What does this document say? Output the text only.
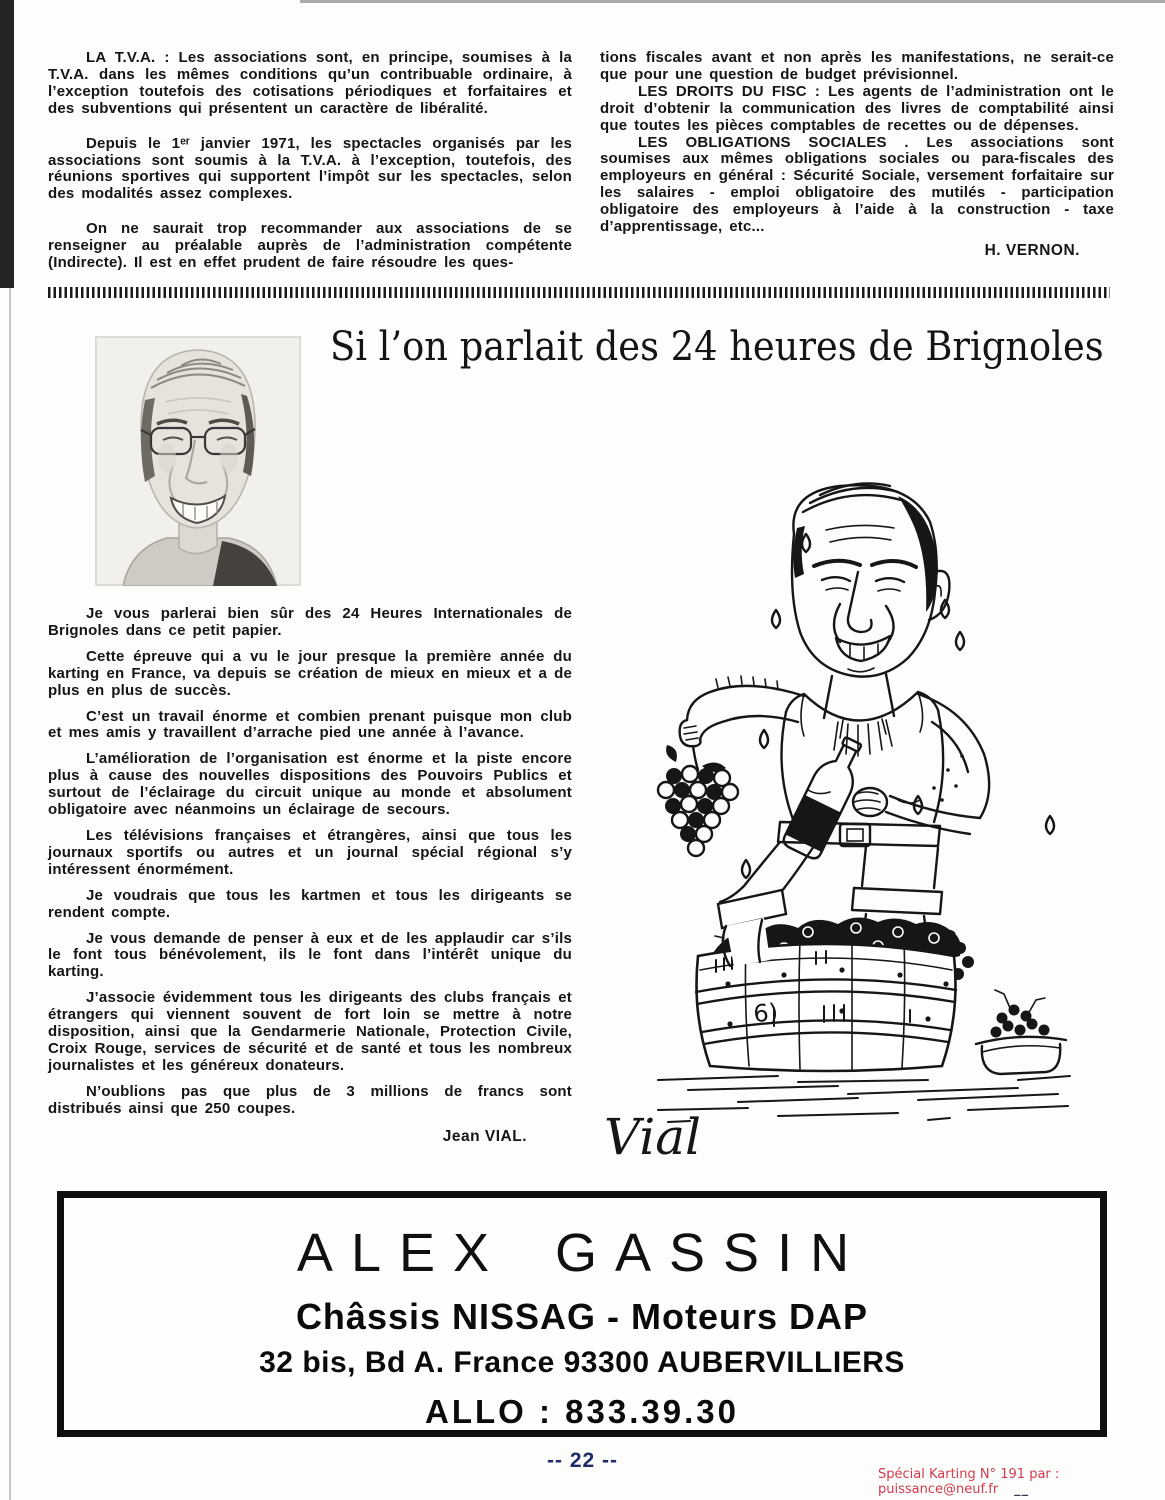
LA T.V.A. : Les associations sont, en principe, soumises à la T.V.A. dans les mêmes conditions qu’un contribuable ordinaire, à l’exception toutefois des cotisations périodiques et forfaitaires et des subventions qui présentent un caractère de libéralité.

Depuis le 1ᵉʳ janvier 1971, les spectacles organisés par les associations sont soumis à la T.V.A. à l’exception, toutefois, des réunions sportives qui supportent l’impôt sur les spectacles, selon des modalités assez complexes.

On ne saurait trop recommander aux associations de se renseigner au préalable auprès de l’administration compétente (Indirecte). Il est en effet prudent de faire résoudre les ques-

tions fiscales avant et non après les manifestations, ne serait-ce que pour une question de budget prévisionnel.

LES DROITS DU FISC : Les agents de l’administration ont le droit d’obtenir la communication des livres de comptabilité ainsi que toutes les pièces comptables de recettes ou de dépenses.

LES OBLIGATIONS SOCIALES . Les associations sont soumises aux mêmes obligations sociales ou para-fiscales des employeurs en général : Sécurité Sociale, versement forfaitaire sur les salaires - emploi obligatoire des mutilés - participation obligatoire des employeurs à l’aide à la construction - taxe d’apprentissage, etc...

H. VERNON.
Si l’on parlait des 24 heures de Brignoles

Je vous parlerai bien sûr des 24 Heures Internationales de Brignoles dans ce petit papier.

Cette épreuve qui a vu le jour presque la première année du karting en France, va depuis se création de mieux en mieux et a de plus en plus de succès.

C’est un travail énorme et combien prenant puisque mon club et mes amis y travaillent d’arrache pied une année à l’avance.

L’amélioration de l’organisation est énorme et la piste encore plus à cause des nouvelles dispositions des Pouvoirs Publics et surtout de l’éclairage du circuit unique au monde et absolument obligatoire avec néanmoins un éclairage de secours.

Les télévisions françaises et étrangères, ainsi que tous les journaux sportifs ou autres et un journal spécial régional s’y intéressent énormément.

Je voudrais que tous les kartmen et tous les dirigeants se rendent compte.

Je vous demande de penser à eux et de les applaudir car s’ils le font tous bénévolement, ils le font dans l’intérêt unique du karting.

J’associe évidemment tous les dirigeants des clubs français et étrangers qui viennent souvent de fort loin se mettre à notre disposition, ainsi que la Gendarmerie Nationale, Protection Civile, Croix Rouge, services de sécurité et de santé et tous les nombreux journalistes et les généreux donateurs.

N’oublions pas que plus de 3 millions de francs sont distribués ainsi que 250 coupes.

Jean VIAL.
6)
Vial
ALEX GASSIN
Châssis NISSAG - Moteurs DAP
32 bis, Bd A. France 93300 AUBERVILLIERS
ALLO : 833.39.30
-- 22 --
Spécial Karting N° 191 par : puissance@neuf.fr __
